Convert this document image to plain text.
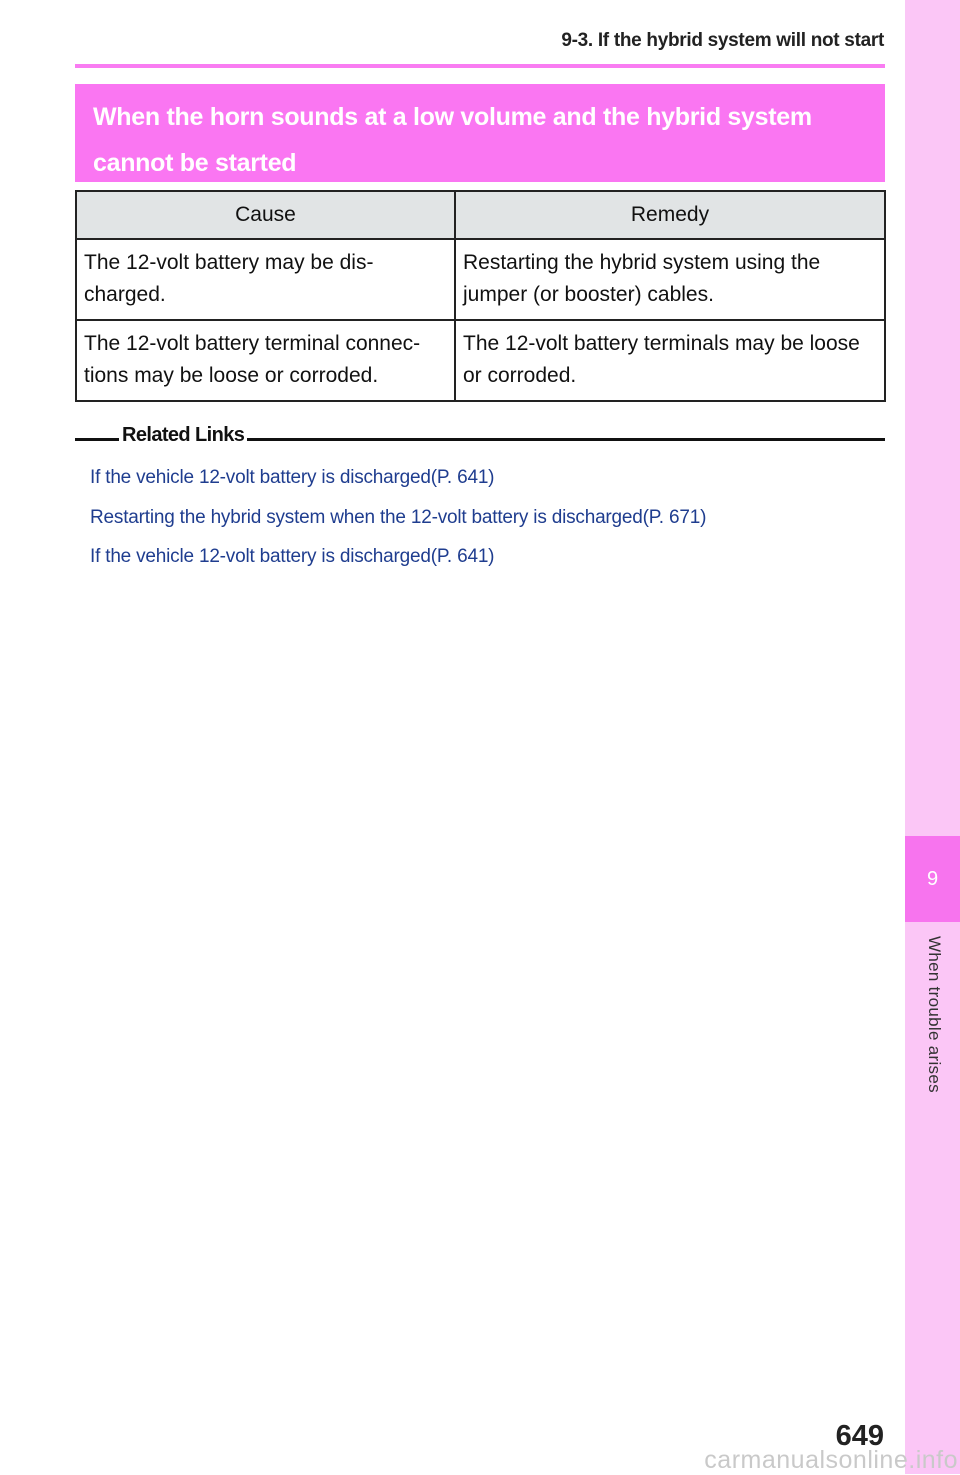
9-3. If the hybrid system will not start
9
When trouble arises
When the horn sounds at a low volume and the hybrid system cannot be started
Cause	Remedy
The 12-volt battery may be dis-charged.	Restarting the hybrid system using the jumper (or booster) cables.
The 12-volt battery terminal connec-tions may be loose or corroded.	The 12-volt battery terminals may be loose or corroded.
Related Links
If the vehicle 12-volt battery is discharged(P. 641)
Restarting the hybrid system when the 12-volt battery is discharged(P. 671)
If the vehicle 12-volt battery is discharged(P. 641)
649
carmanualsonline.info
